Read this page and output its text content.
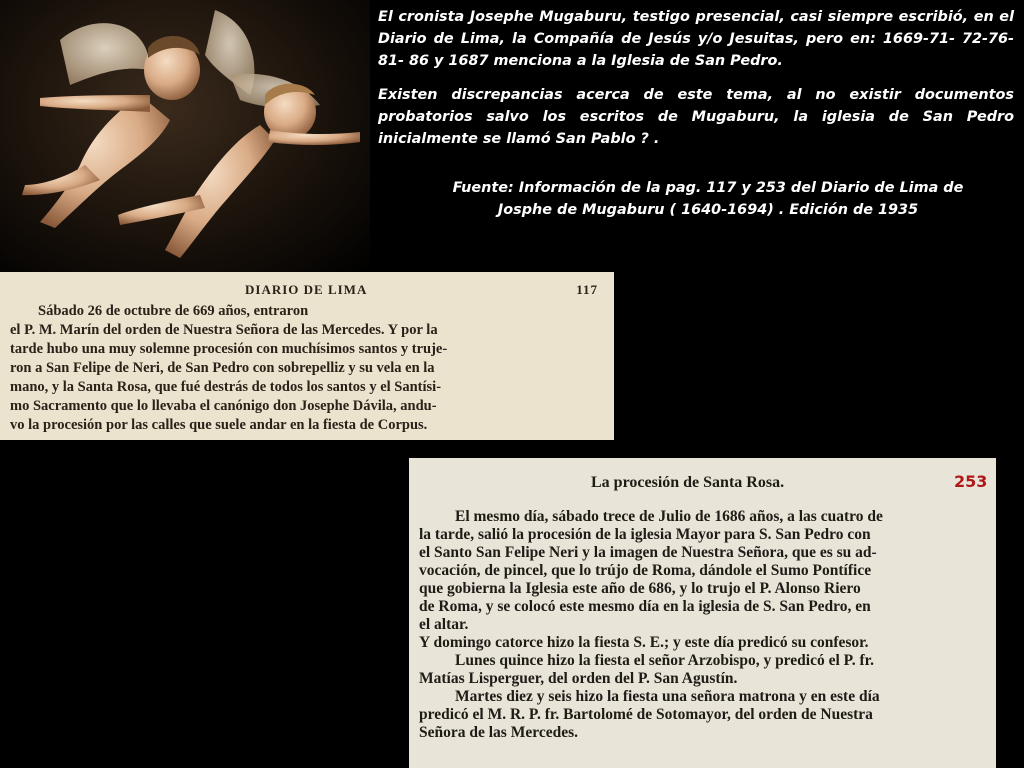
El cronista Josephe Mugaburu, testigo presencial, casi siempre escribió, en el Diario de Lima, la Compañía de Jesús y/o Jesuitas, pero en: 1669-71- 72-76-81- 86 y 1687 menciona a la Iglesia de San Pedro.

Existen discrepancias acerca de este tema, al no existir documentos probatorios salvo los escritos de Mugaburu, la iglesia de San Pedro inicialmente se llamó San Pablo ? .

Fuente: Información de la pag. 117 y 253 del Diario de Lima de
Josphe de Mugaburu ( 1640-1694) . Edición de 1935
DIARIO DE LIMA	117
Sábado 26 de octubre de 669 años, entraron
el P. M. Marín del orden de Nuestra Señora de las Mercedes. Y por la
tarde hubo una muy solemne procesión con muchísimos santos y truje-
ron a San Felipe de Neri, de San Pedro con sobrepelliz y su vela en la
mano, y la Santa Rosa, que fué destrás de todos los santos y el Santísi-
mo Sacramento que lo llevaba el canónigo don Josephe Dávila, andu-
vo la procesión por las calles que suele andar en la fiesta de Corpus.
La procesión de Santa Rosa.	253
El mesmo día, sábado trece de Julio de 1686 años, a las cuatro de
la tarde, salió la procesión de la iglesia Mayor para S. San Pedro con
el Santo San Felipe Neri y la imagen de Nuestra Señora, que es su ad-
vocación, de pincel, que lo trújo de Roma, dándole el Sumo Pontífice
que gobierna la Iglesia este año de 686, y lo trujo el P. Alonso Riero
de Roma, y se colocó este mesmo día en la iglesia de S. San Pedro, en
el altar.
Y domingo catorce hizo la fiesta S. E.; y este día predicó su confesor.
Lunes quince hizo la fiesta el señor Arzobispo, y predicó el P. fr.
Matías Lisperguer, del orden del P. San Agustín.
Martes diez y seis hizo la fiesta una señora matrona y en este día
predicó el M. R. P. fr. Bartolomé de Sotomayor, del orden de Nuestra
Señora de las Mercedes.
